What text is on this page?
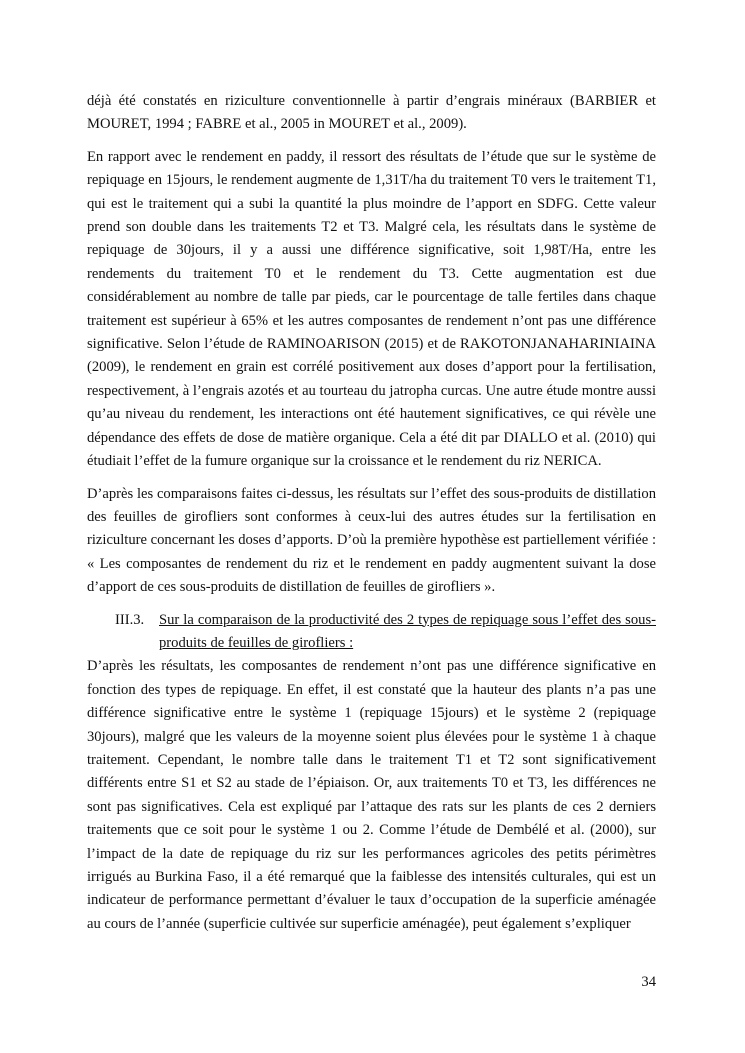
déjà été constatés en riziculture conventionnelle à partir d’engrais minéraux (BARBIER et MOURET, 1994 ; FABRE et al., 2005 in MOURET et al., 2009).

En rapport avec le rendement en paddy, il ressort des résultats de l’étude que sur le système de repiquage en 15jours, le rendement augmente de 1,31T/ha du traitement T0 vers le traitement T1, qui est le traitement qui a subi la quantité la plus moindre de l’apport en SDFG. Cette valeur prend son double dans les traitements T2 et T3. Malgré cela, les résultats dans le système de repiquage de 30jours, il y a aussi une différence significative, soit 1,98T/Ha, entre les rendements du traitement T0 et le rendement du T3. Cette augmentation est due considérablement au nombre de talle par pieds, car le pourcentage de talle fertiles dans chaque traitement est supérieur à 65% et les autres composantes de rendement n’ont pas une différence significative. Selon l’étude de RAMINOARISON (2015) et de RAKOTONJANAHARINIAINA (2009), le rendement en grain est corrélé positivement aux doses d’apport pour la fertilisation, respectivement, à l’engrais azotés et au tourteau du jatropha curcas. Une autre étude montre aussi qu’au niveau du rendement, les interactions ont été hautement significatives, ce qui révèle une dépendance des effets de dose de matière organique. Cela a été dit par DIALLO et al. (2010) qui étudiait l’effet de la fumure organique sur la croissance et le rendement du riz NERICA.

D’après les comparaisons faites ci-dessus, les résultats sur l’effet des sous-produits de distillation des feuilles de girofliers sont conformes à ceux-lui des autres études sur la fertilisation en riziculture concernant les doses d’apports. D’où la première hypothèse est partiellement vérifiée : « Les composantes de rendement du riz et le rendement en paddy augmentent suivant la dose d’apport de ces sous-produits de distillation de feuilles de girofliers ».

III.3.	Sur la comparaison de la productivité des 2 types de repiquage sous l’effet des sous-produits de feuilles de girofliers :

D’après les résultats, les composantes de rendement n’ont pas une différence significative en fonction des types de repiquage. En effet, il est constaté que la hauteur des plants n’a pas une différence significative entre le système 1 (repiquage 15jours) et le système 2 (repiquage 30jours), malgré que les valeurs de la moyenne soient plus élevées pour le système 1 à chaque traitement. Cependant, le nombre talle dans le traitement T1 et T2 sont significativement différents entre S1 et S2 au stade de l’épiaison. Or, aux traitements T0 et T3, les différences ne sont pas significatives. Cela est expliqué par l’attaque des rats sur les plants de ces 2 derniers traitements que ce soit pour le système 1 ou 2. Comme l’étude de Dembélé et al. (2000), sur l’impact de la date de repiquage du riz sur les performances agricoles des petits périmètres irrigués au Burkina Faso, il a été remarqué que la faiblesse des intensités culturales, qui est un indicateur de performance permettant d’évaluer le taux d’occupation de la superficie aménagée au cours de l’année (superficie cultivée sur superficie aménagée), peut également s’expliquer

34
